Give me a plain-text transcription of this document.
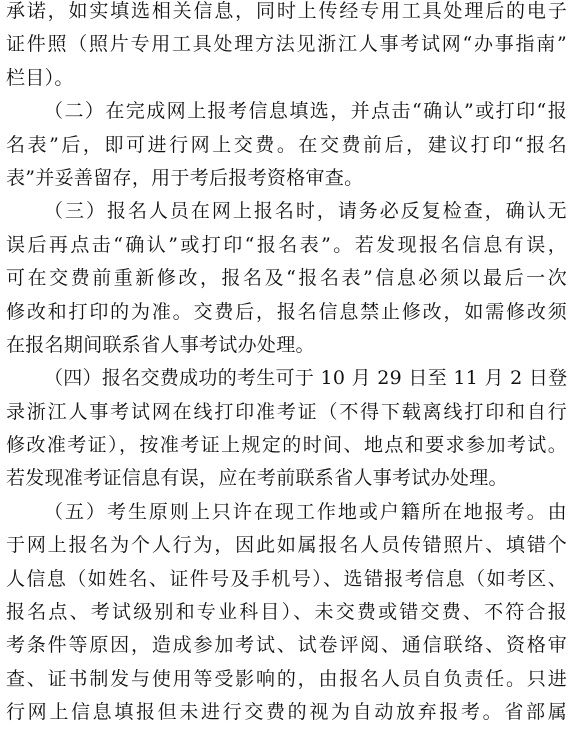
承诺，如实填选相关信息，同时上传经专用工具处理后的电子
证件照（照片专用工具处理方法见浙江人事考试网“办事指南”
栏目）。
（二）在完成网上报考信息填选，并点击“确认”或打印“报
名表”后，即可进行网上交费。在交费前后，建议打印“报名
表”并妥善留存，用于考后报考资格审查。
（三）报名人员在网上报名时，请务必反复检查，确认无
误后再点击“确认”或打印“报名表”。若发现报名信息有误，
可在交费前重新修改，报名及“报名表”信息必须以最后一次
修改和打印的为准。交费后，报名信息禁止修改，如需修改须
在报名期间联系省人事考试办处理。
（四）报名交费成功的考生可于 10 月 29 日至 11 月 2 日登
录浙江人事考试网在线打印准考证（不得下载离线打印和自行
修改准考证），按准考证上规定的时间、地点和要求参加考试。
若发现准考证信息有误，应在考前联系省人事考试办处理。
（五）考生原则上只许在现工作地或户籍所在地报考。由
于网上报名为个人行为，因此如属报名人员传错照片、填错个
人信息（如姓名、证件号及手机号）、选错报考信息（如考区、
报名点、考试级别和专业科目）、未交费或错交费、不符合报
考条件等原因，造成参加考试、试卷评阅、通信联络、资格审
查、证书制发与使用等受影响的，由报名人员自负责任。只进
行网上信息填报但未进行交费的视为自动放弃报考。省部属
